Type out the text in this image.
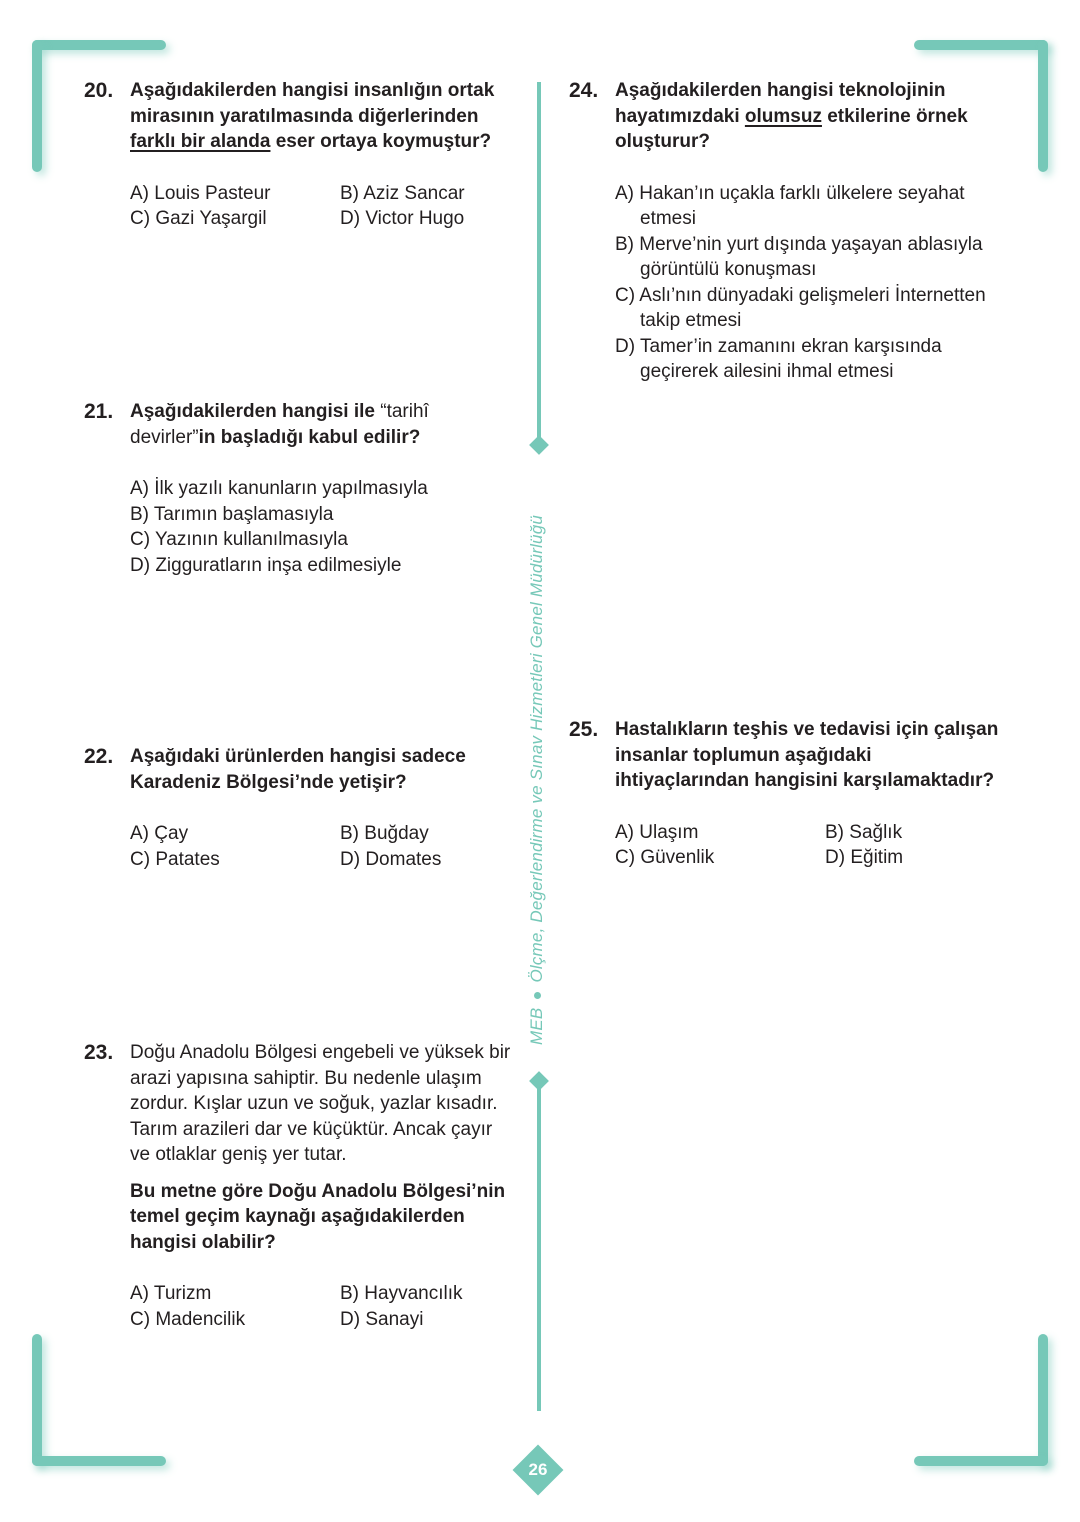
MEBÖlçme, Değerlendirme ve Sınav Hizmetleri Genel Müdürlüğü
20. Aşağıdakilerden hangisi insanlığın ortak mirasının yaratılmasında diğerlerinden farklı bir alanda eser ortaya koymuştur?
A) Louis Pasteur	B) Aziz Sancar
C) Gazi Yaşargil	D) Victor Hugo
21. Aşağıdakilerden hangisi ile “tarihî devirler”in başladığı kabul edilir?
A) İlk yazılı kanunların yapılmasıyla
B) Tarımın başlamasıyla
C) Yazının kullanılmasıyla
D) Zigguratların inşa edilmesiyle
22. Aşağıdaki ürünlerden hangisi sadece Karadeniz Bölgesi’nde yetişir?
A) Çay	B) Buğday
C) Patates	D) Domates
23. Doğu Anadolu Bölgesi engebeli ve yüksek bir arazi yapısına sahiptir. Bu nedenle ulaşım zordur. Kışlar uzun ve soğuk, yazlar kısadır. Tarım arazileri dar ve küçüktür. Ancak çayır ve otlaklar geniş yer tutar.
Bu metne göre Doğu Anadolu Bölgesi’nin temel geçim kaynağı aşağıdakilerden hangisi olabilir?
A) Turizm	B) Hayvancılık
C) Madencilik	D) Sanayi
24. Aşağıdakilerden hangisi teknolojinin hayatımızdaki olumsuz etkilerine örnek oluşturur?
A) Hakan’ın uçakla farklı ülkelere seyahat etmesi
B) Merve’nin yurt dışında yaşayan ablasıyla görüntülü konuşması
C) Aslı’nın dünyadaki gelişmeleri İnternetten takip etmesi
D) Tamer’in zamanını ekran karşısında geçirerek ailesini ihmal etmesi
25. Hastalıkların teşhis ve tedavisi için çalışan insanlar toplumun aşağıdaki ihtiyaçlarından hangisini karşılamaktadır?
A) Ulaşım	B) Sağlık
C) Güvenlik	D) Eğitim
26
